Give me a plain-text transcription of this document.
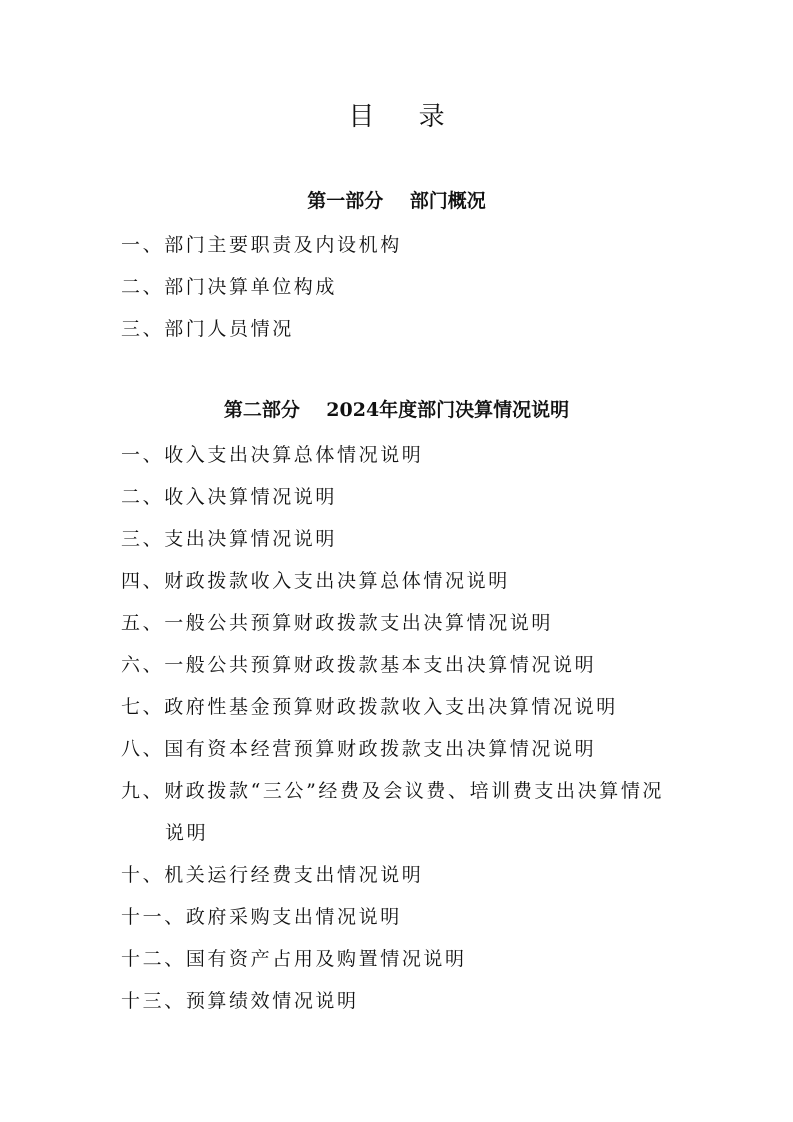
目 录
第一部分    部门概况
一、部门主要职责及内设机构
二、部门决算单位构成
三、部门人员情况
第二部分    2024年度部门决算情况说明
一、收入支出决算总体情况说明
二、收入决算情况说明
三、支出决算情况说明
四、财政拨款收入支出决算总体情况说明
五、一般公共预算财政拨款支出决算情况说明
六、一般公共预算财政拨款基本支出决算情况说明
七、政府性基金预算财政拨款收入支出决算情况说明
八、国有资本经营预算财政拨款支出决算情况说明
九、财政拨款“三公”经费及会议费、培训费支出决算情况
说明
十、机关运行经费支出情况说明
十一、政府采购支出情况说明
十二、国有资产占用及购置情况说明
十三、预算绩效情况说明
